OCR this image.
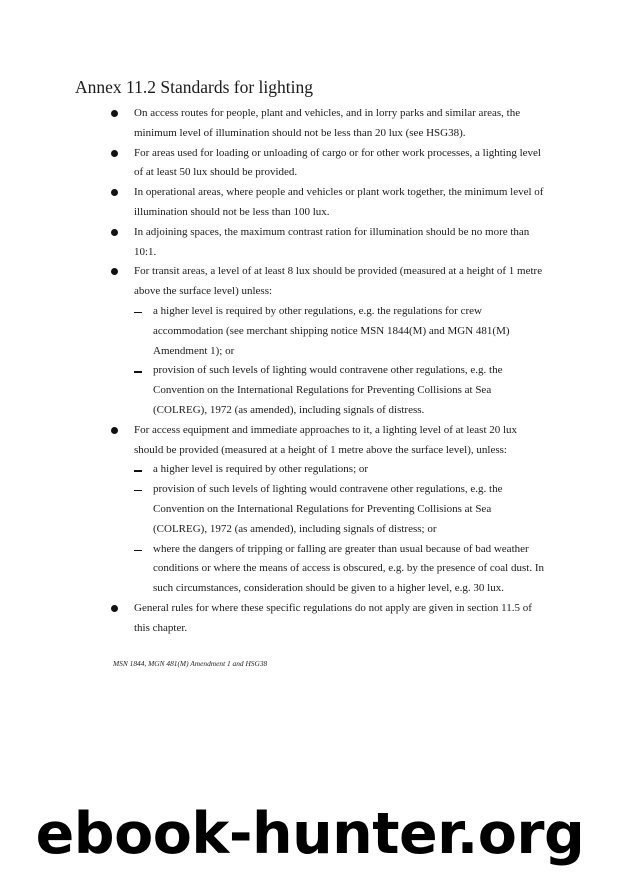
Annex 11.2 Standards for lighting
On access routes for people, plant and vehicles, and in lorry parks and similar areas, the minimum level of illumination should not be less than 20 lux (see HSG38).
For areas used for loading or unloading of cargo or for other work processes, a lighting level of at least 50 lux should be provided.
In operational areas, where people and vehicles or plant work together, the minimum level of illumination should not be less than 100 lux.
In adjoining spaces, the maximum contrast ration for illumination should be no more than 10:1.
For transit areas, a level of at least 8 lux should be provided (measured at a height of 1 metre above the surface level) unless:
a higher level is required by other regulations, e.g. the regulations for crew accommodation (see merchant shipping notice MSN 1844(M) and MGN 481(M) Amendment 1); or
provision of such levels of lighting would contravene other regulations, e.g. the Convention on the International Regulations for Preventing Collisions at Sea (COLREG), 1972 (as amended), including signals of distress.
For access equipment and immediate approaches to it, a lighting level of at least 20 lux should be provided (measured at a height of 1 metre above the surface level), unless:
a higher level is required by other regulations; or
provision of such levels of lighting would contravene other regulations, e.g. the Convention on the International Regulations for Preventing Collisions at Sea (COLREG), 1972 (as amended), including signals of distress; or
where the dangers of tripping or falling are greater than usual because of bad weather conditions or where the means of access is obscured, e.g. by the presence of coal dust. In such circumstances, consideration should be given to a higher level, e.g. 30 lux.
General rules for where these specific regulations do not apply are given in section 11.5 of this chapter.
MSN 1844, MGN 481(M) Amendment 1 and HSG38
ebook-hunter.org
